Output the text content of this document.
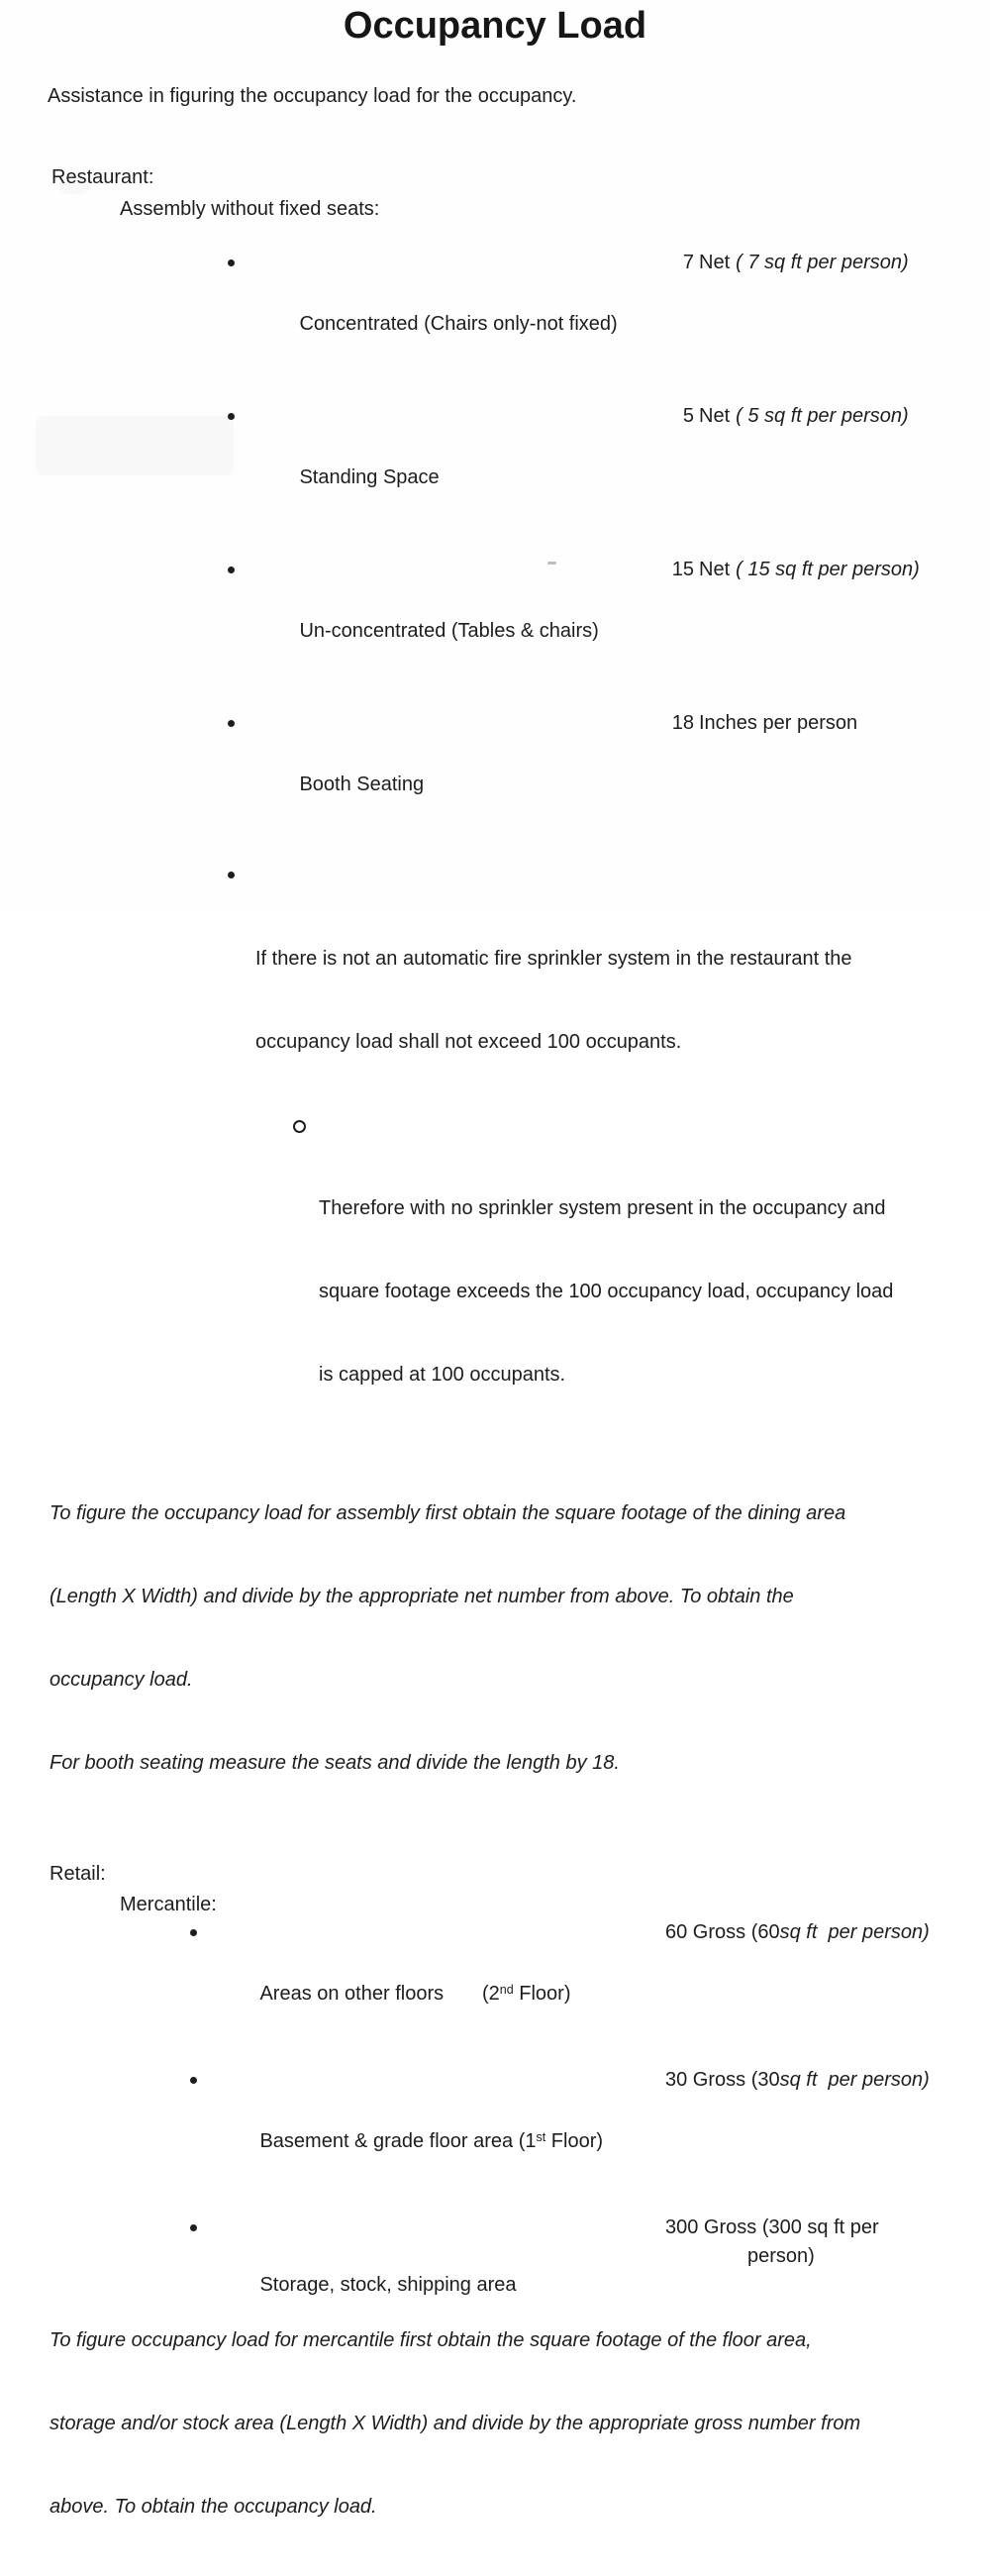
Occupancy Load

Assistance in figuring the occupancy load for the occupancy.

Restaurant:

Assembly without fixed seats:

Concentrated (Chairs only-not fixed)

7 Net ( 7 sq ft per person)

Standing Space

5 Net ( 5 sq ft per person)

Un-concentrated (Tables & chairs)

15 Net ( 15 sq ft per person)

Booth Seating

18 Inches per person

If there is not an automatic fire sprinkler system in the restaurant the

occupancy load shall not exceed 100 occupants.

Therefore with no sprinkler system present in the occupancy and

square footage exceeds the 100 occupancy load, occupancy load

is capped at 100 occupants.

To figure the occupancy load for assembly first obtain the square footage of the dining area

(Length X Width) and divide by the appropriate net number from above. To obtain the

occupancy load.

For booth seating measure the seats and divide the length by 18.

Retail:

Mercantile:

Areas on other floors       (2nd Floor)

60 Gross (60sq ft  per person)

Basement & grade floor area (1st Floor)

30 Gross (30sq ft  per person)

Storage, stock, shipping area

300 Gross (300 sq ft per
person)

To figure occupancy load for mercantile first obtain the square footage of the floor area,

storage and/or stock area (Length X Width) and divide by the appropriate gross number from

above. To obtain the occupancy load.
